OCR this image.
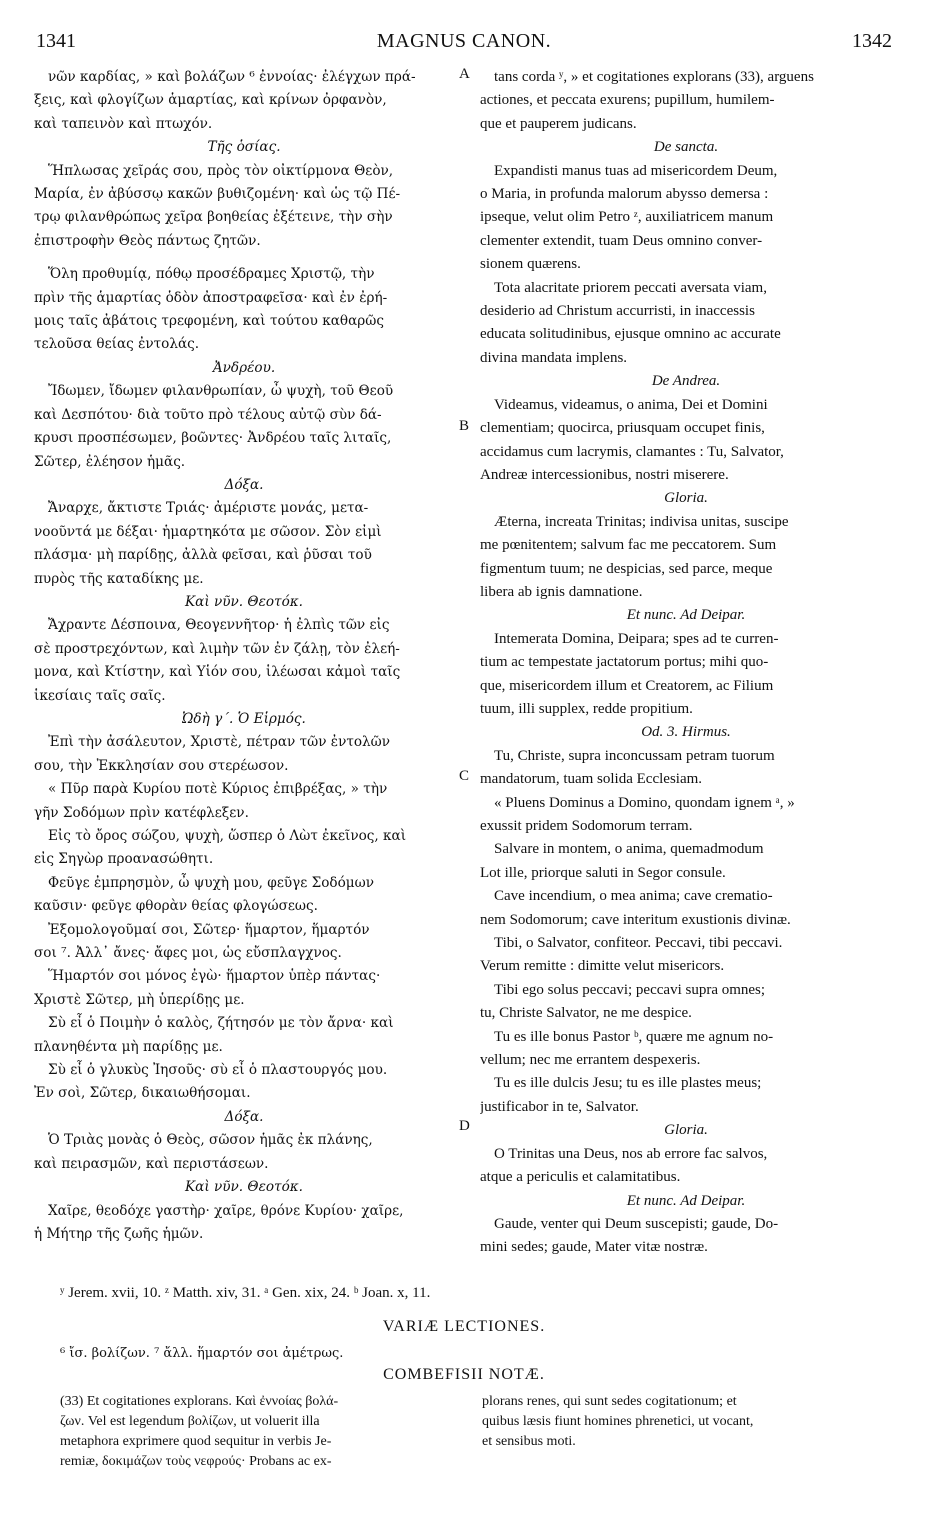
1341	MAGNUS CANON.	1342
νῶν καρδίας, » καὶ βολάζων ⁶ ἐννοίας· ἐλέγχων πρά-
ξεις, καὶ φλογίζων ἁμαρτίας, καὶ κρίνων ὀρφανὸν,
καὶ ταπεινὸν καὶ πτωχόν.
Τῆς ὁσίας.
Ἥπλωσας χεῖράς σου, πρὸς τὸν οἰκτίρμονα Θεὸν,
Μαρία, ἐν ἀβύσσῳ κακῶν βυθιζομένη· καὶ ὡς τῷ Πέ-
τρῳ φιλανθρώπως χεῖρα βοηθείας ἐξέτεινε, τὴν σὴν
ἐπιστροφὴν Θεὸς πάντως ζητῶν.
Ὅλη προθυμίᾳ, πόθῳ προσέδραμες Χριστῷ, τὴν
πρὶν τῆς ἁμαρτίας ὁδὸν ἀποστραφεῖσα· καὶ ἐν ἐρή-
μοις ταῖς ἀβάτοις τρεφομένη, καὶ τούτου καθαρῶς
τελοῦσα θείας ἐντολάς.
Ἀνδρέου.
Ἴδωμεν, ἴδωμεν φιλανθρωπίαν, ὦ ψυχὴ, τοῦ Θεοῦ
καὶ Δεσπότου· διὰ τοῦτο πρὸ τέλους αὐτῷ σὺν δά-
κρυσι προσπέσωμεν, βοῶντες· Ἀνδρέου ταῖς λιταῖς,
Σῶτερ, ἐλέησον ἡμᾶς.
Δόξα.
Ἄναρχε, ἄκτιστε Τριάς· ἀμέριστε μονάς, μετα-
νοοῦντά με δέξαι· ἡμαρτηκότα με σῶσον. Σὸν εἰμὶ
πλάσμα· μὴ παρίδῃς, ἀλλὰ φεῖσαι, καὶ ῥῦσαι τοῦ
πυρὸς τῆς καταδίκης με.
Καὶ νῦν. Θεοτόκ.
Ἄχραντε Δέσποινα, Θεογεννῆτορ· ἡ ἐλπὶς τῶν εἰς
σὲ προστρεχόντων, καὶ λιμὴν τῶν ἐν ζάλῃ, τὸν ἐλεή-
μονα, καὶ Κτίστην, καὶ Υἱόν σου, ἱλέωσαι κἀμοὶ ταῖς
ἱκεσίαις ταῖς σαῖς.
Ὠδὴ γ΄. Ὁ Εἱρμός.
Ἐπὶ τὴν ἀσάλευτον, Χριστὲ, πέτραν τῶν ἐντολῶν
σου, τὴν Ἐκκλησίαν σου στερέωσον.
« Πῦρ παρὰ Κυρίου ποτὲ Κύριος ἐπιβρέξας, » τὴν
γῆν Σοδόμων πρὶν κατέφλεξεν.
Εἰς τὸ ὄρος σώζου, ψυχὴ, ὥσπερ ὁ Λὼτ ἐκεῖνος, καὶ
εἰς Σηγὼρ προανασώθητι.
Φεῦγε ἐμπρησμὸν, ὦ ψυχὴ μου, φεῦγε Σοδόμων
καῦσιν· φεῦγε φθορὰν θείας φλογώσεως.
Ἐξομολογοῦμαί σοι, Σῶτερ· ἥμαρτον, ἥμαρτόν
σοι ⁷. Ἀλλ᾽ ἄνες· ἄφες μοι, ὡς εὔσπλαγχνος.
Ἥμαρτόν σοι μόνος ἐγὼ· ἥμαρτον ὑπὲρ πάντας·
Χριστὲ Σῶτερ, μὴ ὑπερίδῃς με.
Σὺ εἶ ὁ Ποιμὴν ὁ καλὸς, ζήτησόν με τὸν ἄρνα· καὶ
πλανηθέντα μὴ παρίδῃς με.
Σὺ εἶ ὁ γλυκὺς Ἰησοῦς· σὺ εἶ ὁ πλαστουργός μου.
Ἐν σοὶ, Σῶτερ, δικαιωθήσομαι.
Δόξα.
Ὁ Τριὰς μονὰς ὁ Θεὸς, σῶσον ἡμᾶς ἐκ πλάνης,
καὶ πειρασμῶν, καὶ περιστάσεων.
Καὶ νῦν. Θεοτόκ.
Χαῖρε, θεοδόχε γαστὴρ· χαῖρε, θρόνε Κυρίου· χαῖρε,
ἡ Μήτηρ τῆς ζωῆς ἡμῶν.
tans corda ʸ, » et cogitationes explorans (33), arguens
actiones, et peccata exurens; pupillum, humilem-
que et pauperem judicans.
De sancta.
Expandisti manus tuas ad misericordem Deum,
o Maria, in profunda malorum abysso demersa :
ipseque, velut olim Petro ᶻ, auxiliatricem manum
clementer extendit, tuam Deus omnino conver-
sionem quærens.
Tota alacritate priorem peccati aversata viam,
desiderio ad Christum accurristi, in inaccessis
educata solitudinibus, ejusque omnino ac accurate
divina mandata implens.
De Andrea.
Videamus, videamus, o anima, Dei et Domini
clementiam; quocirca, priusquam occupet finis,
accidamus cum lacrymis, clamantes : Tu, Salvator,
Andreæ intercessionibus, nostri miserere.
Gloria.
Æterna, increata Trinitas; indivisa unitas, suscipe
me pœnitentem; salvum fac me peccatorem. Sum
figmentum tuum; ne despicias, sed parce, meque
libera ab ignis damnatione.
Et nunc. Ad Deipar.
Intemerata Domina, Deipara; spes ad te curren-
tium ac tempestate jactatorum portus; mihi quo-
que, misericordem illum et Creatorem, ac Filium
tuum, illi supplex, redde propitium.
Od. 3. Hirmus.
Tu, Christe, supra inconcussam petram tuorum
mandatorum, tuam solida Ecclesiam.
« Pluens Dominus a Domino, quondam ignem ᵃ, »
exussit pridem Sodomorum terram.
Salvare in montem, o anima, quemadmodum
Lot ille, priorque saluti in Segor consule.
Cave incendium, o mea anima; cave crematio-
nem Sodomorum; cave interitum exustionis divinæ.
Tibi, o Salvator, confiteor. Peccavi, tibi peccavi.
Verum remitte : dimitte velut misericors.
Tibi ego solus peccavi; peccavi supra omnes;
tu, Christe Salvator, ne me despice.
Tu es ille bonus Pastor ᵇ, quære me agnum no-
vellum; nec me errantem despexeris.
Tu es ille dulcis Jesu; tu es ille plastes meus;
justificabor in te, Salvator.
Gloria.
O Trinitas una Deus, nos ab errore fac salvos,
atque a periculis et calamitatibus.
Et nunc. Ad Deipar.
Gaude, venter qui Deum suscepisti; gaude, Do-
mini sedes; gaude, Mater vitæ nostræ.
A
B
C
D
ʸ Jerem. xvii, 10. ᶻ Matth. xiv, 31. ᵃ Gen. xix, 24. ᵇ Joan. x, 11.
VARIÆ LECTIONES.
⁶ ἴσ. βολίζων. ⁷ ἄλλ. ἥμαρτόν σοι ἀμέτρως.
COMBEFISII NOTÆ.
(33) Et cogitationes explorans. Καὶ ἐννοίας βολά-
ζων. Vel est legendum βολίζων, ut voluerit illa
metaphora exprimere quod sequitur in verbis Je-
remiæ, δοκιμάζων τοὺς νεφρούς· Probans ac ex-
plorans renes, qui sunt sedes cogitationum; et
quibus læsis fiunt homines phrenetici, ut vocant,
et sensibus moti.
